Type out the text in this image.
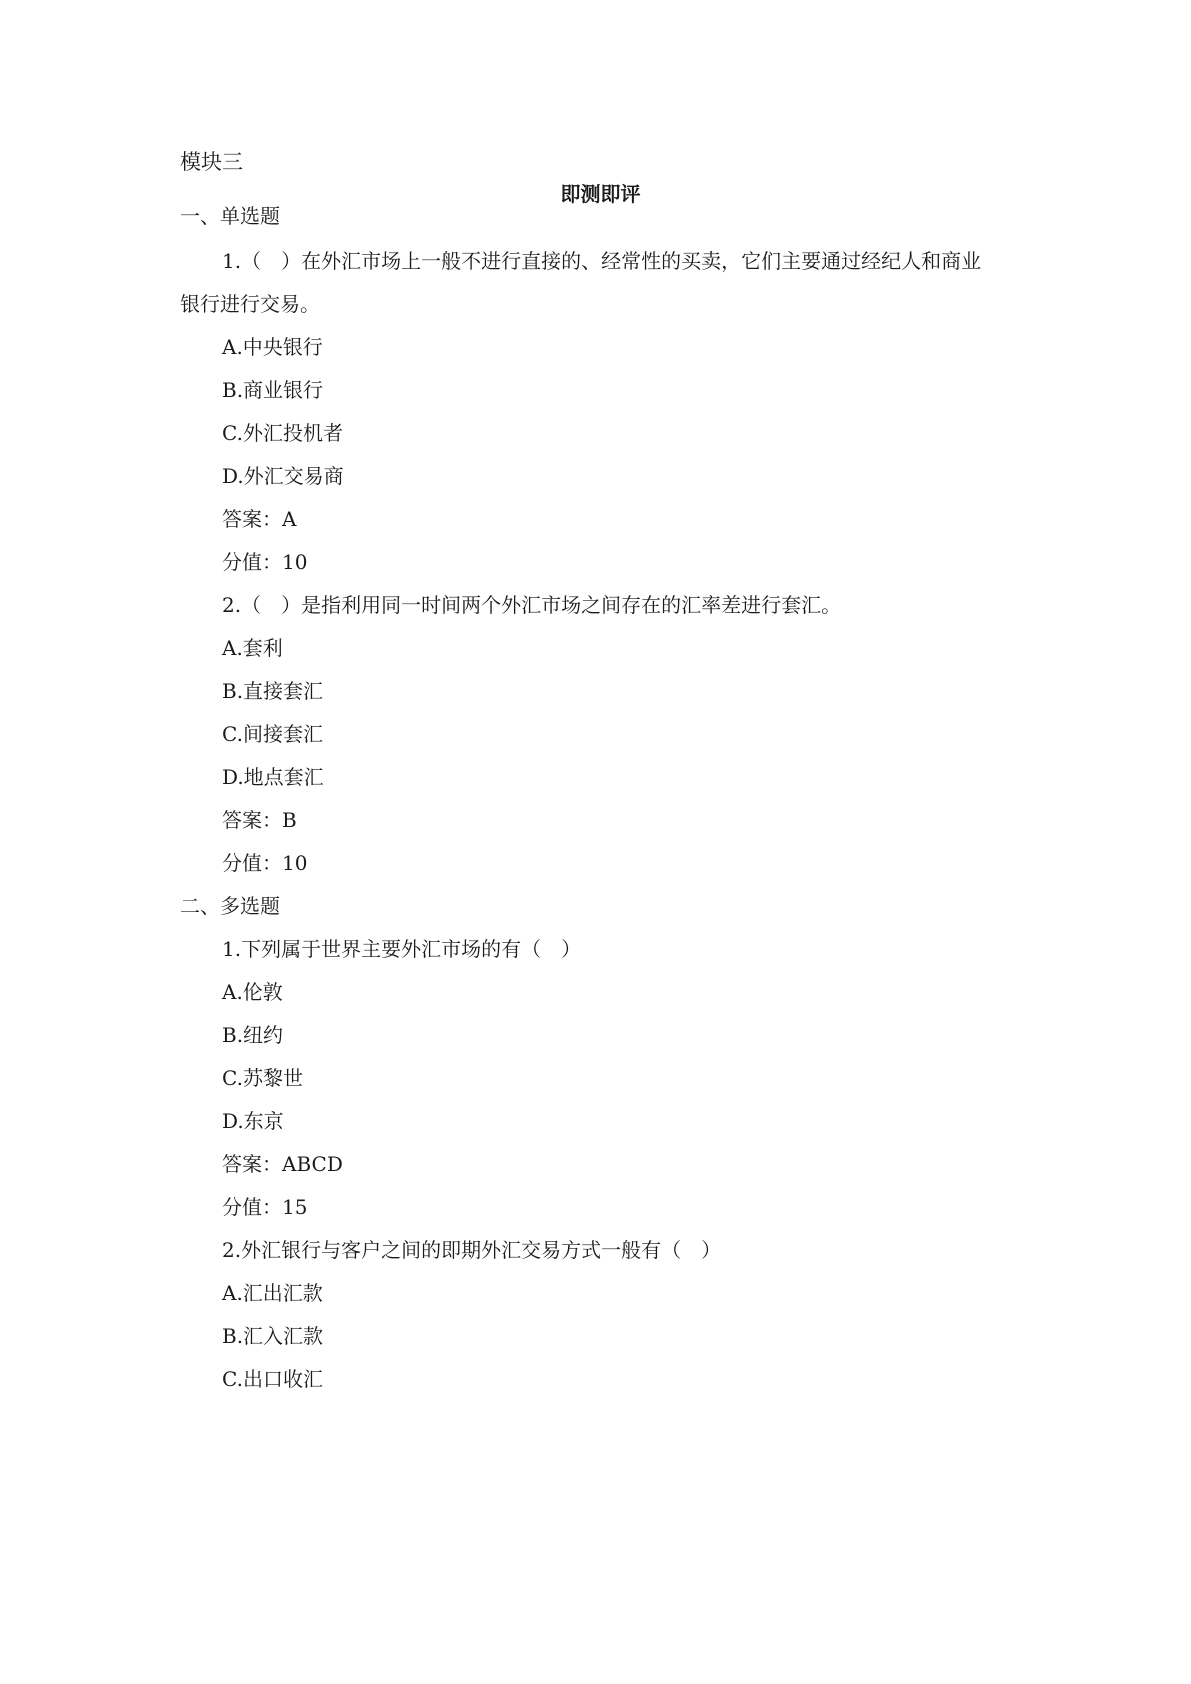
模块三
即测即评
一、单选题
1.（　）在外汇市场上一般不进行直接的、经常性的买卖，它们主要通过经纪人和商业
银行进行交易。
A.中央银行
B.商业银行
C.外汇投机者
D.外汇交易商
答案：A
分值：10
2.（　）是指利用同一时间两个外汇市场之间存在的汇率差进行套汇。
A.套利
B.直接套汇
C.间接套汇
D.地点套汇
答案：B
分值：10
二、多选题
1.下列属于世界主要外汇市场的有（　）
A.伦敦
B.纽约
C.苏黎世
D.东京
答案：ABCD
分值：15
2.外汇银行与客户之间的即期外汇交易方式一般有（　）
A.汇出汇款
B.汇入汇款
C.出口收汇
